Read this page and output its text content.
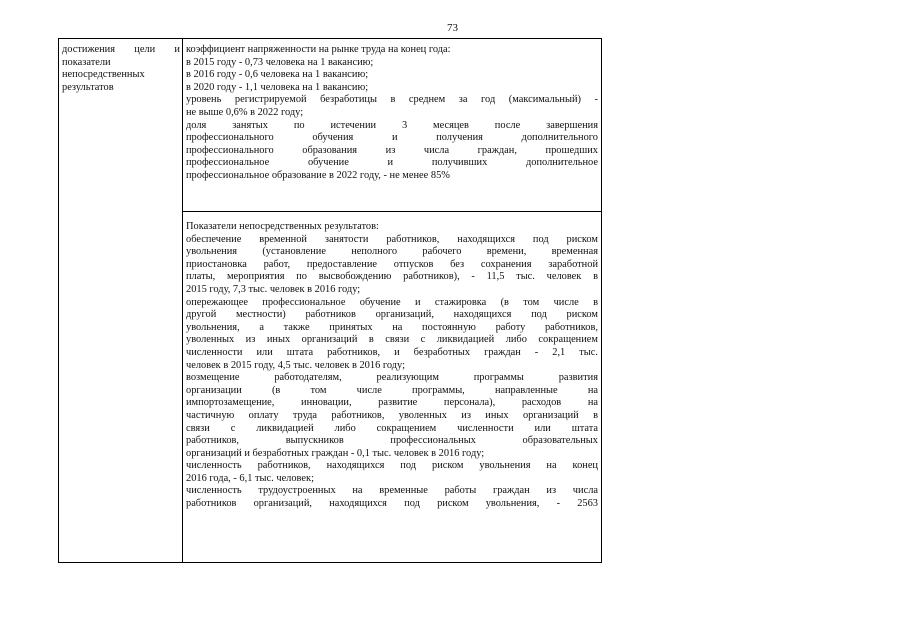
73
достижения цели и
показатели
непосредственных
результатов
коэффициент напряженности на рынке труда на конец года:
в 2015 году - 0,73 человека на 1 вакансию;
в 2016 году - 0,6 человека на 1 вакансию;
в 2020 году - 1,1 человека на 1 вакансию;
уровень регистрируемой безработицы в среднем за год (максимальный) -
не выше 0,6% в 2022 году;
доля занятых по истечении 3 месяцев после завершения
профессионального обучения и получения дополнительного
профессионального образования из числа граждан, прошедших
профессиональное обучение и получивших дополнительное
профессиональное образование в 2022 году, - не менее 85%
Показатели непосредственных результатов:
обеспечение временной занятости работников, находящихся под риском
увольнения (установление неполного рабочего времени, временная
приостановка работ, предоставление отпусков без сохранения заработной
платы, мероприятия по высвобождению работников), - 11,5 тыс. человек в
2015 году, 7,3 тыс. человек в 2016 году;
опережающее профессиональное обучение и стажировка (в том числе в
другой местности) работников организаций, находящихся под риском
увольнения, а также принятых на постоянную работу работников,
уволенных из иных организаций в связи с ликвидацией либо сокращением
численности или штата работников, и безработных граждан - 2,1 тыс.
человек в 2015 году, 4,5 тыс. человек в 2016 году;
возмещение работодателям, реализующим программы развития
организации (в том числе программы, направленные на
импортозамещение, инновации, развитие персонала), расходов на
частичную оплату труда работников, уволенных из иных организаций в
связи с ликвидацией либо сокращением численности или штата
работников, выпускников профессиональных образовательных
организаций и безработных граждан - 0,1 тыс. человек в 2016 году;
численность работников, находящихся под риском увольнения на конец
2016 года, - 6,1 тыс. человек;
численность трудоустроенных на временные работы граждан из числа
работников организаций, находящихся под риском увольнения, - 2563
